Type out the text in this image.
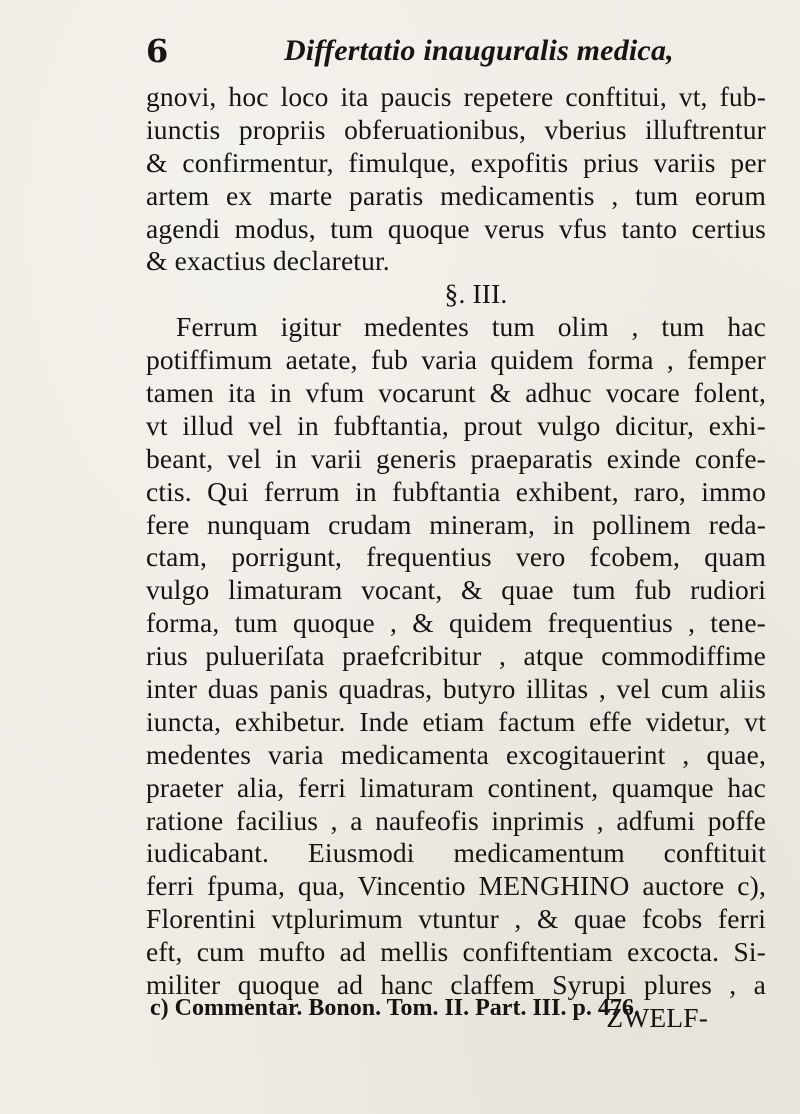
6	Differtatio inauguralis medica,
gnovi, hoc loco ita paucis repetere conftitui, vt, fub-
iunctis propriis obferuationibus, vberius illuftrentur
& confirmentur, fimulque, expofitis prius variis per
artem ex marte paratis medicamentis , tum eorum
agendi modus, tum quoque verus vfus tanto certius
& exactius declaretur.
§. III.
Ferrum igitur medentes tum olim , tum hac
potiffimum aetate, fub varia quidem forma , femper
tamen ita in vfum vocarunt & adhuc vocare folent,
vt illud vel in fubftantia, prout vulgo dicitur, exhi-
beant, vel in varii generis praeparatis exinde confe-
ctis. Qui ferrum in fubftantia exhibent, raro, immo
fere nunquam crudam mineram, in pollinem reda-
ctam, porrigunt, frequentius vero fcobem, quam
vulgo limaturam vocant, & quae tum fub rudiori
forma, tum quoque , & quidem frequentius , tene-
rius pulueriſata praefcribitur , atque commodiffime
inter duas panis quadras, butyro illitas , vel cum aliis
iuncta, exhibetur. Inde etiam factum effe videtur, vt
medentes varia medicamenta excogitauerint , quae,
praeter alia, ferri limaturam continent, quamque hac
ratione facilius , a naufeofis inprimis , adfumi poffe
iudicabant. Eiusmodi medicamentum conftituit
ferri fpuma, qua, Vincentio MENGHINO auctore c),
Florentini vtplurimum vtuntur , & quae fcobs ferri
eft, cum mufto ad mellis confiftentiam excocta. Si-
militer quoque ad hanc claffem Syrupi plures , a
ZWELF-
c) Commentar. Bonon. Tom. II. Part. III. p. 476.
